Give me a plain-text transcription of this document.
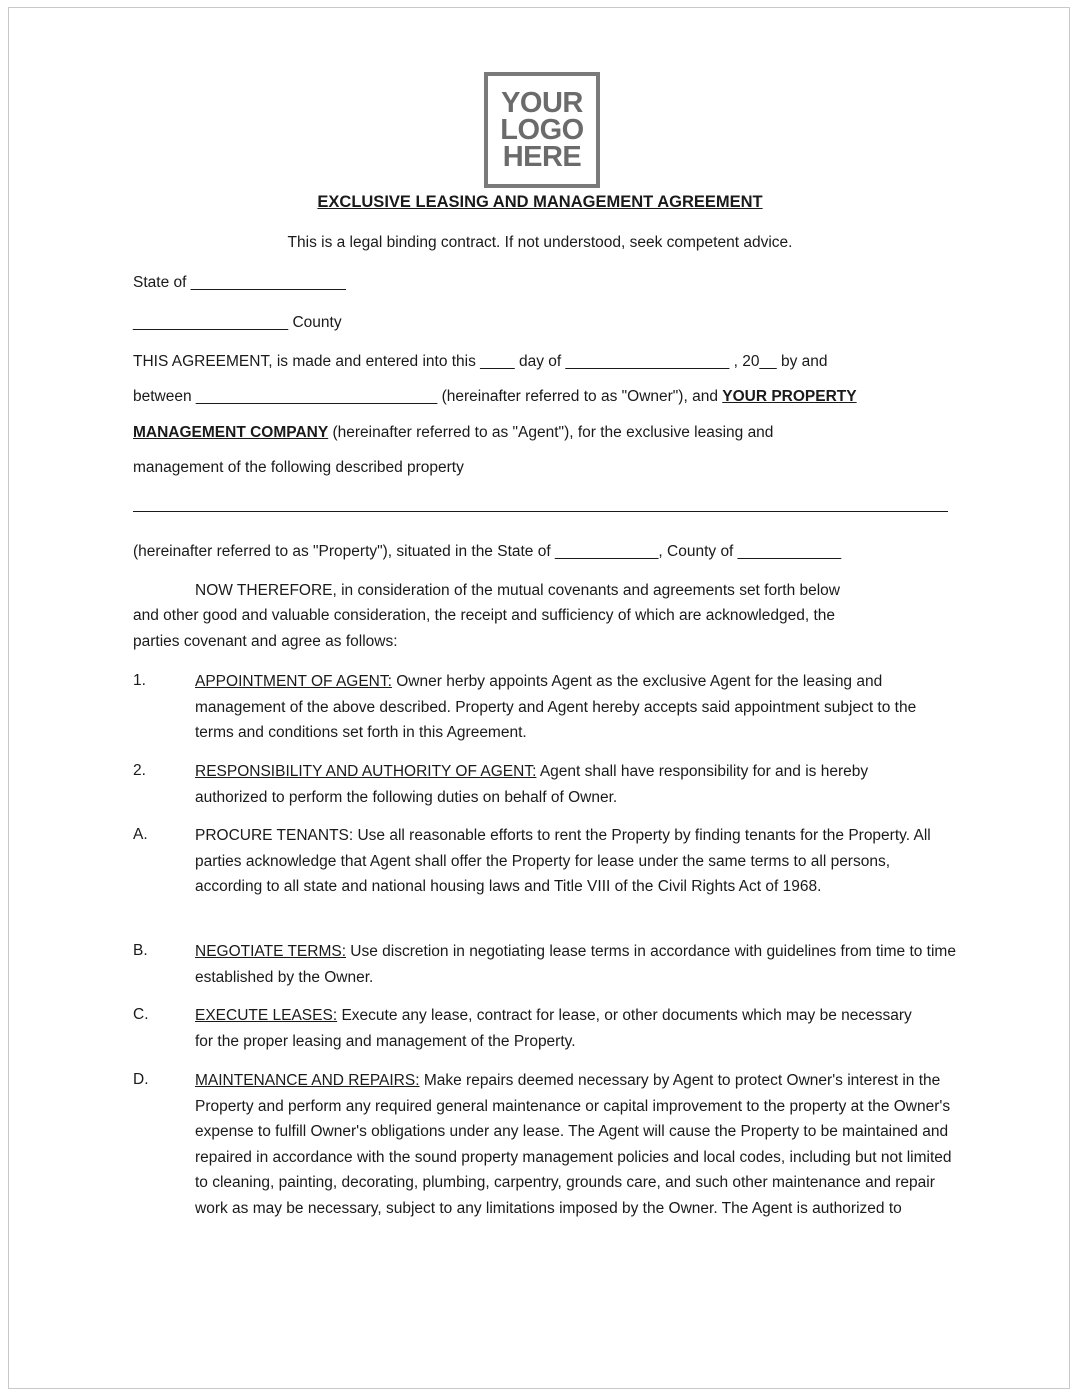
YOUR
LOGO
HERE
EXCLUSIVE LEASING AND MANAGEMENT AGREEMENT
This is a legal binding contract. If not understood, seek competent advice.
State of __________________
__________________ County
THIS AGREEMENT, is made and entered into this ____ day of ___________________ , 20__ by and
between ____________________________ (hereinafter referred to as "Owner"), and YOUR PROPERTY
MANAGEMENT COMPANY (hereinafter referred to as "Agent"), for the exclusive leasing and
management of the following described property
(hereinafter referred to as "Property"), situated in the State of ____________, County of ____________
NOW THEREFORE, in consideration of the mutual covenants and agreements set forth below
and other good and valuable consideration, the receipt and sufficiency of which are acknowledged, the
parties covenant and agree as follows:
1.	APPOINTMENT OF AGENT: Owner herby appoints Agent as the exclusive Agent for the leasing and management of the above described. Property and Agent hereby accepts said appointment subject to the terms and conditions set forth in this Agreement.
2.	RESPONSIBILITY AND AUTHORITY OF AGENT: Agent shall have responsibility for and is hereby authorized to perform the following duties on behalf of Owner.
A.	PROCURE TENANTS: Use all reasonable efforts to rent the Property by finding tenants for the Property. All parties acknowledge that Agent shall offer the Property for lease under the same terms to all persons, according to all state and national housing laws and Title VIII of the Civil Rights Act of 1968.
B.	NEGOTIATE TERMS: Use discretion in negotiating lease terms in accordance with guidelines from time to time established by the Owner.
C.	EXECUTE LEASES: Execute any lease, contract for lease, or other documents which may be necessary for the proper leasing and management of the Property.
D.	MAINTENANCE AND REPAIRS: Make repairs deemed necessary by Agent to protect Owner's interest in the Property and perform any required general maintenance or capital improvement to the property at the Owner's expense to fulfill Owner's obligations under any lease. The Agent will cause the Property to be maintained and repaired in accordance with the sound property management policies and local codes, including but not limited to cleaning, painting, decorating, plumbing, carpentry, grounds care, and such other maintenance and repair work as may be necessary, subject to any limitations imposed by the Owner. The Agent is authorized to
